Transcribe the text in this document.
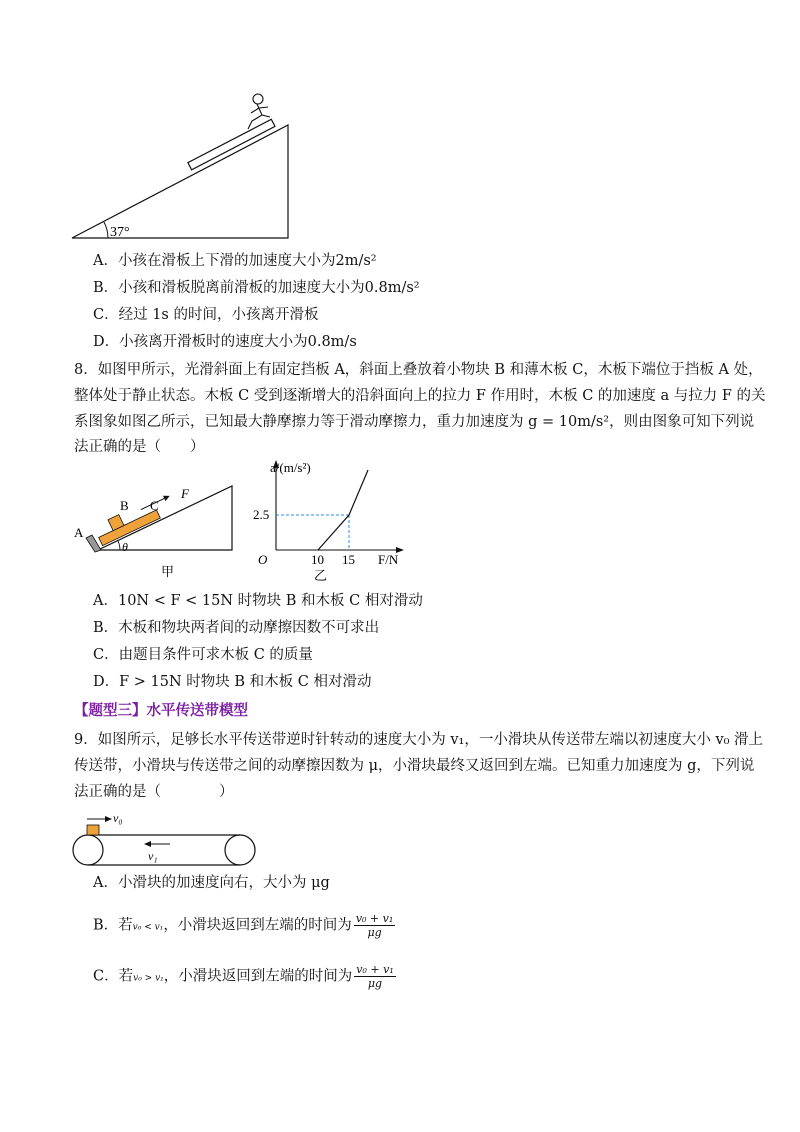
37°
A．小孩在滑板上下滑的加速度大小为2m/s²
B．小孩和滑板脱离前滑板的加速度大小为0.8m/s²
C．经过 1s 的时间，小孩离开滑板
D．小孩离开滑板时的速度大小为0.8m/s
8．如图甲所示，光滑斜面上有固定挡板 A，斜面上叠放着小物块 B 和薄木板 C，木板下端位于挡板 A 处，
整体处于静止状态。木板 C 受到逐渐增大的沿斜面向上的拉力 F 作用时，木板 C 的加速度 a 与拉力 F 的关
系图象如图乙所示，已知最大静摩擦力等于滑动摩擦力，重力加速度为 g = 10m/s²，则由图象可知下列说
法正确的是（　　）
A
B C
F
θ
甲
a/(m/s²)
2.5
O	10 15 F/N
乙
A．10N < F < 15N 时物块 B 和木板 C 相对滑动
B．木板和物块两者间的动摩擦因数不可求出
C．由题目条件可求木板 C 的质量
D．F > 15N 时物块 B 和木板 C 相对滑动
【题型三】水平传送带模型
9．如图所示，足够长水平传送带逆时针转动的速度大小为 v₁，一小滑块从传送带左端以初速度大小 v₀ 滑上
传送带，小滑块与传送带之间的动摩擦因数为 μ，小滑块最终又返回到左端。已知重力加速度为 g，下列说
法正确的是（　　　　）
v₀
v₁
A．小滑块的加速度向右，大小为 μg
B．若v₀ < v₁，小滑块返回到左端的时间为 $\frac{\text{v₀ + v₁}}{\mu g}$
C．若v₀ > v₁，小滑块返回到左端的时间为 $\frac{\text{v₀ + v₁}}{\mu g}$
